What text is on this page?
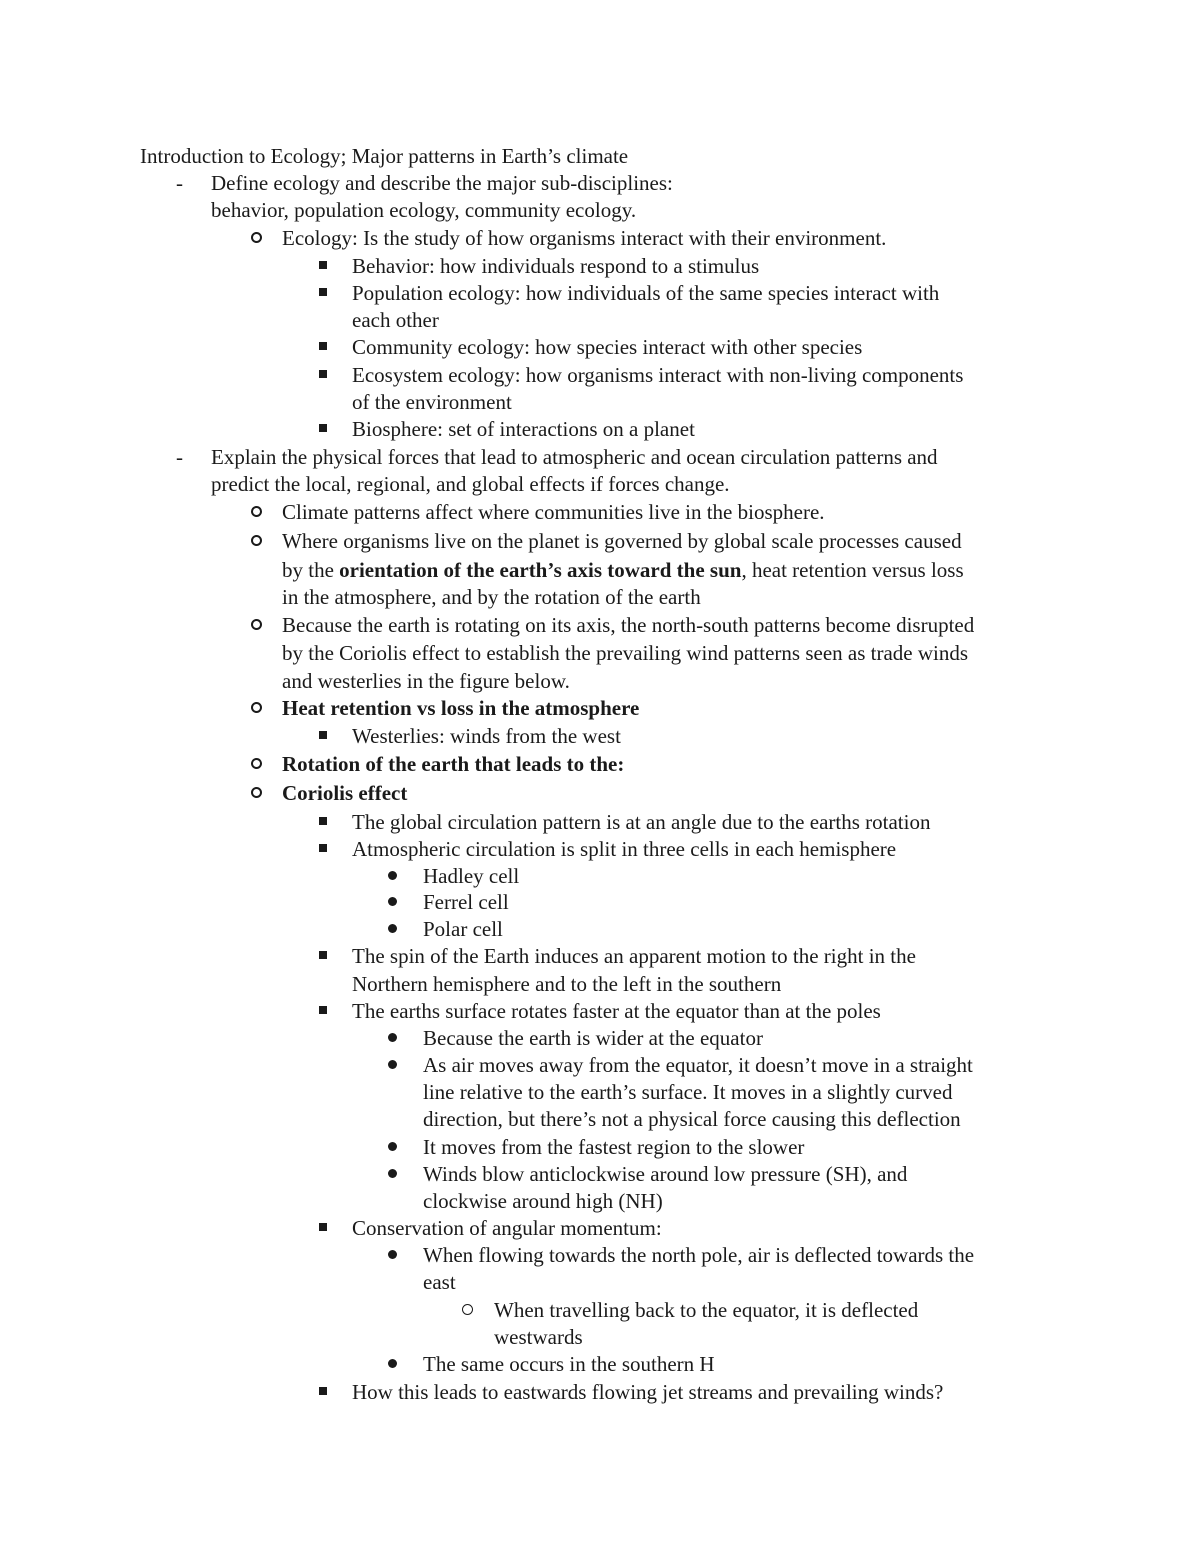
Introduction to Ecology; Major patterns in Earth’s climate
- Define ecology and describe the major sub-disciplines:
behavior, population ecology, community ecology.
Ecology: Is the study of how organisms interact with their environment.
Behavior: how individuals respond to a stimulus
Population ecology: how individuals of the same species interact with
each other
Community ecology: how species interact with other species
Ecosystem ecology: how organisms interact with non-living components
of the environment
Biosphere: set of interactions on a planet
- Explain the physical forces that lead to atmospheric and ocean circulation patterns and
predict the local, regional, and global effects if forces change.
Climate patterns affect where communities live in the biosphere.
Where organisms live on the planet is governed by global scale processes caused
by the orientation of the earth’s axis toward the sun, heat retention versus loss
in the atmosphere, and by the rotation of the earth
Because the earth is rotating on its axis, the north-south patterns become disrupted
by the Coriolis effect to establish the prevailing wind patterns seen as trade winds
and westerlies in the figure below.
Heat retention vs loss in the atmosphere
Westerlies: winds from the west
Rotation of the earth that leads to the:
Coriolis effect
The global circulation pattern is at an angle due to the earths rotation
Atmospheric circulation is split in three cells in each hemisphere
Hadley cell
Ferrel cell
Polar cell
The spin of the Earth induces an apparent motion to the right in the
Northern hemisphere and to the left in the southern
The earths surface rotates faster at the equator than at the poles
Because the earth is wider at the equator
As air moves away from the equator, it doesn’t move in a straight
line relative to the earth’s surface. It moves in a slightly curved
direction, but there’s not a physical force causing this deflection
It moves from the fastest region to the slower
Winds blow anticlockwise around low pressure (SH), and
clockwise around high (NH)
Conservation of angular momentum:
When flowing towards the north pole, air is deflected towards the
east
When travelling back to the equator, it is deflected
westwards
The same occurs in the southern H
How this leads to eastwards flowing jet streams and prevailing winds?
